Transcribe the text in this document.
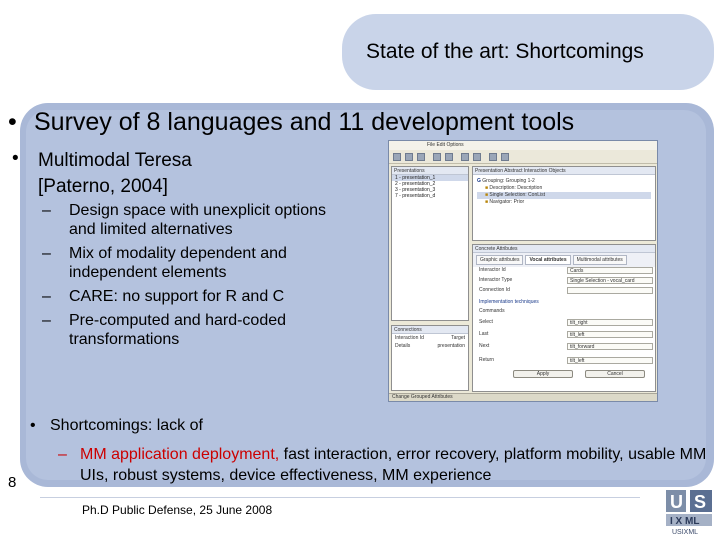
State of the art: Shortcomings
• Survey of 8 languages and 11 development tools
• Multimodal Teresa
[Paterno, 2004]
–	Design space with unexplicit options and limited alternatives
–	Mix of modality dependent and independent elements
–	CARE: no support for R and C
–	Pre-computed and hard-coded transformations
File Edit Options
Presentations
1 - presentation_1
2 - presentation_2
3 - presentation_3
7 - presentation_d
Connections
Interaction Id	Target
Details	presentation
Presentation Abstract Interaction Objects
G Grouping: Grouping 1-2
■ Description: Description
■ Single Selection: ConList
■ Navigator: Prior
Concrete Attributes
Graphic attributes	Vocal attributes	Multimodal attributes
Interactor Id	Cards
Interactor Type	Single Selection - vocal_card
Connection Id
Implementation techniques
Commands
Select	tilt_right
Last	tilt_left
Next	tilt_forward
Return	tilt_left
Apply	Cancel
Change Grouped Attributes
• Shortcomings: lack of
– MM application deployment, fast interaction, error recovery, platform mobility, usable MM UIs, robust systems, device effectiveness, MM experience
8
Ph.D Public Defense, 25 June 2008	U S
I X ML
USIXML
